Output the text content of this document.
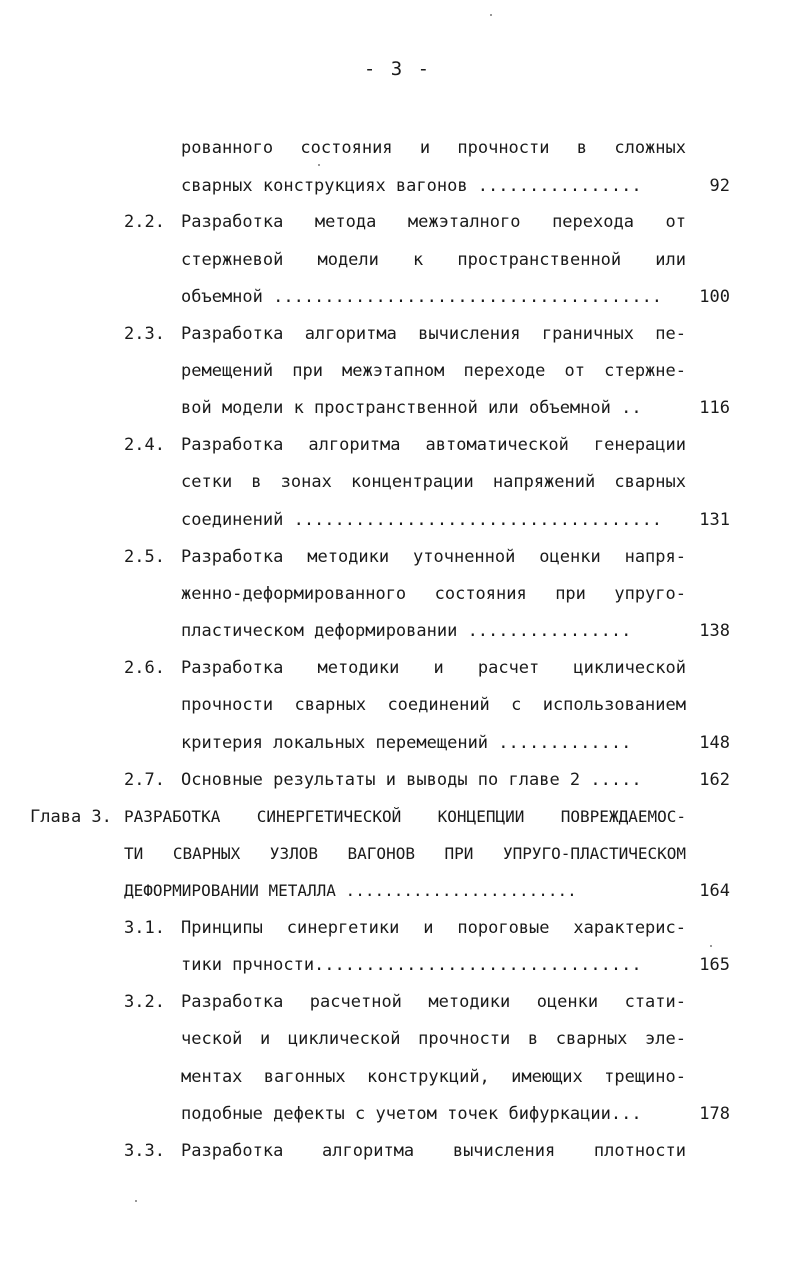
- 3 -
рованного состояния и прочности в сложных
сварных конструкциях вагонов ................	92
2.2. Разработка метода межэталного перехода от
стержневой модели к пространственной или
объемной ......................................	100
2.3. Разработка алгоритма вычисления граничных пе-
ремещений при межэтапном переходе от стержне-
вой модели к пространственной или объемной ..	116
2.4. Разработка алгоритма автоматической генерации
сетки в зонах концентрации напряжений сварных
соединений ....................................	131
2.5. Разработка методики уточненной оценки напря-
женно-деформированного состояния при упруго-
пластическом деформировании ................	138
2.6. Разработка методики и расчет циклической
прочности сварных соединений с использованием
критерия локальных перемещений .............	148
2.7. Основные результаты и выводы по главе 2 .....	162
Глава 3. РАЗРАБОТКА СИНЕРГЕТИЧЕСКОЙ КОНЦЕПЦИИ ПОВРЕЖДАЕМОС-
ТИ СВАРНЫХ УЗЛОВ ВАГОНОВ ПРИ УПРУГО-ПЛАСТИЧЕСКОМ
ДЕФОРМИРОВАНИИ МЕТАЛЛА ........................	164
3.1. Принципы синергетики и пороговые характерис-
тики прчности................................	165
3.2. Разработка расчетной методики оценки стати-
ческой и циклической прочности в сварных эле-
ментах вагонных конструкций, имеющих трещино-
подобные дефекты с учетом точек бифуркации...	178
3.3. Разработка алгоритма вычисления плотности
